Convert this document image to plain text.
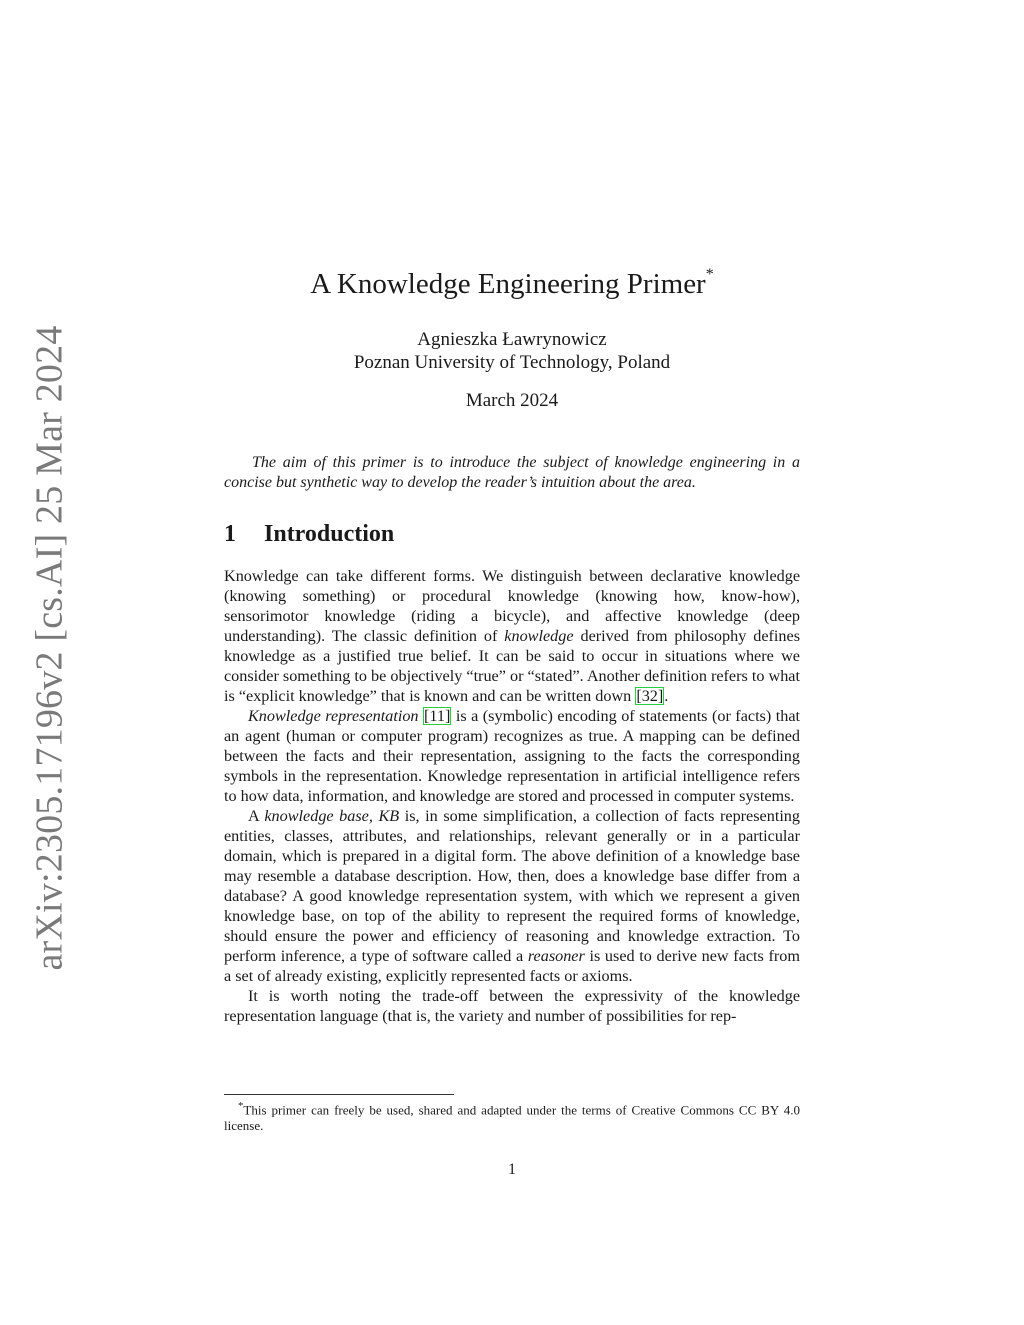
arXiv:2305.17196v2 [cs.AI] 25 Mar 2024
A Knowledge Engineering Primer*
Agnieszka Ławrynowicz
Poznan University of Technology, Poland
March 2024
The aim of this primer is to introduce the subject of knowledge engineering in a concise but synthetic way to develop the reader’s intuition about the area.
1 Introduction

Knowledge can take different forms. We distinguish between declarative knowledge (knowing something) or procedural knowledge (knowing how, know-how), sensorimotor knowledge (riding a bicycle), and affective knowledge (deep understanding). The classic definition of knowledge derived from philosophy defines knowledge as a justified true belief. It can be said to occur in situations where we consider something to be objectively “true” or “stated”. Another definition refers to what is “explicit knowledge” that is known and can be written down [32].

Knowledge representation [11] is a (symbolic) encoding of statements (or facts) that an agent (human or computer program) recognizes as true. A mapping can be defined between the facts and their representation, assigning to the facts the corresponding symbols in the representation. Knowledge representation in artificial intelligence refers to how data, information, and knowledge are stored and processed in computer systems.

A knowledge base, KB is, in some simplification, a collection of facts representing entities, classes, attributes, and relationships, relevant generally or in a particular domain, which is prepared in a digital form. The above definition of a knowledge base may resemble a database description. How, then, does a knowledge base differ from a database? A good knowledge representation system, with which we represent a given knowledge base, on top of the ability to represent the required forms of knowledge, should ensure the power and efficiency of reasoning and knowledge extraction. To perform inference, a type of software called a reasoner is used to derive new facts from a set of already existing, explicitly represented facts or axioms.

It is worth noting the trade-off between the expressivity of the knowledge representation language (that is, the variety and number of possibilities for rep-

*This primer can freely be used, shared and adapted under the terms of Creative Commons CC BY 4.0 license.
1
